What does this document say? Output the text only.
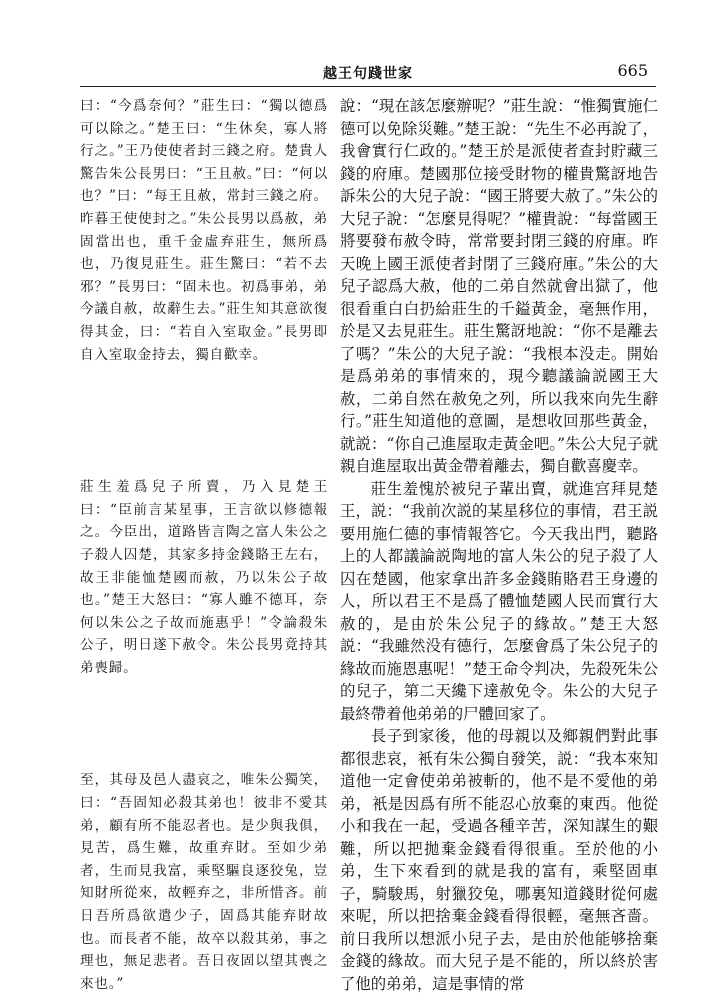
越王句踐世家	665

曰：“今爲奈何？”莊生曰：“獨以德爲可以除之。”楚王曰：“生休矣，寡人將行之。”王乃使使者封三錢之府。楚貴人驚告朱公長男曰：“王且赦。”曰：“何以也？”曰：“每王且赦，常封三錢之府。昨暮王使使封之。”朱公長男以爲赦，弟固當出也，重千金虛弃莊生，無所爲也，乃復見莊生。莊生驚曰：“若不去邪？”長男曰：“固未也。初爲事弟，弟今議自赦，故辭生去。”莊生知其意欲復得其金，曰：“若自入室取金。”長男即自入室取金持去，獨自歡幸。

莊生羞爲兒子所賣，乃入見楚王曰：“臣前言某星事，王言欲以修德報之。今臣出，道路皆言陶之富人朱公之子殺人囚楚，其家多持金錢賂王左右，故王非能恤楚國而赦，乃以朱公子故也。”楚王大怒曰：“寡人雖不德耳，奈何以朱公之子故而施惠乎！”令論殺朱公子，明日遂下赦令。朱公長男竟持其弟喪歸。

至，其母及邑人盡哀之，唯朱公獨笑，曰：“吾固知必殺其弟也！彼非不愛其弟，顧有所不能忍者也。是少與我俱，見苦，爲生難，故重弃財。至如少弟者，生而見我富，乘堅驅良逐狡兔，豈知財所從來，故輕弃之，非所惜吝。前日吾所爲欲遣少子，固爲其能弃財故也。而長者不能，故卒以殺其弟，事之理也，無足悲者。吾日夜固以望其喪之來也。”

說：“現在該怎麼辦呢？”莊生說：“惟獨實施仁德可以免除災難。”楚王說：“先生不必再說了，我會實行仁政的。”楚王於是派使者查封貯藏三錢的府庫。楚國那位接受財物的權貴驚訝地告訴朱公的大兒子說：“國王將要大赦了。”朱公的大兒子說：“怎麼見得呢？”權貴說：“每當國王將要發布赦令時，常常要封閉三錢的府庫。昨天晚上國王派使者封閉了三錢府庫。”朱公的大兒子認爲大赦，他的二弟自然就會出獄了，他很看重白白扔給莊生的千鎰黃金，毫無作用，於是又去見莊生。莊生驚訝地說：“你不是離去了嗎？”朱公的大兒子說：“我根本没走。開始是爲弟弟的事情來的，現今聽議論説國王大赦，二弟自然在赦免之列，所以我來向先生辭行。”莊生知道他的意圖，是想收回那些黃金，就説：“你自己進屋取走黃金吧。”朱公大兒子就親自進屋取出黃金帶着離去，獨自歡喜慶幸。

莊生羞愧於被兒子輩出賣，就進宫拜見楚王，説：“我前次説的某星移位的事情，君王説要用施仁德的事情報答它。今天我出門，聽路上的人都議論説陶地的富人朱公的兒子殺了人囚在楚國，他家拿出許多金錢賄賂君王身邊的人，所以君王不是爲了體恤楚國人民而實行大赦的，是由於朱公兒子的緣故。”楚王大怒説：“我雖然没有德行，怎麼會爲了朱公兒子的緣故而施恩惠呢！”楚王命令判决，先殺死朱公的兒子，第二天纔下達赦免令。朱公的大兒子最終帶着他弟弟的尸體回家了。

長子到家後，他的母親以及鄉親們對此事都很悲哀，衹有朱公獨自發笑，説：“我本來知道他一定會使弟弟被斬的，他不是不愛他的弟弟，衹是因爲有所不能忍心放棄的東西。他從小和我在一起，受過各種辛苦，深知謀生的艱難，所以把拋棄金錢看得很重。至於他的小弟，生下來看到的就是我的富有，乘堅固車子，騎駿馬，射獵狡兔，哪裏知道錢財從何處來呢，所以把捨棄金錢看得很輕，毫無吝嗇。前日我所以想派小兒子去，是由於他能够捨棄金錢的緣故。而大兒子是不能的，所以終於害了他的弟弟，這是事情的常
